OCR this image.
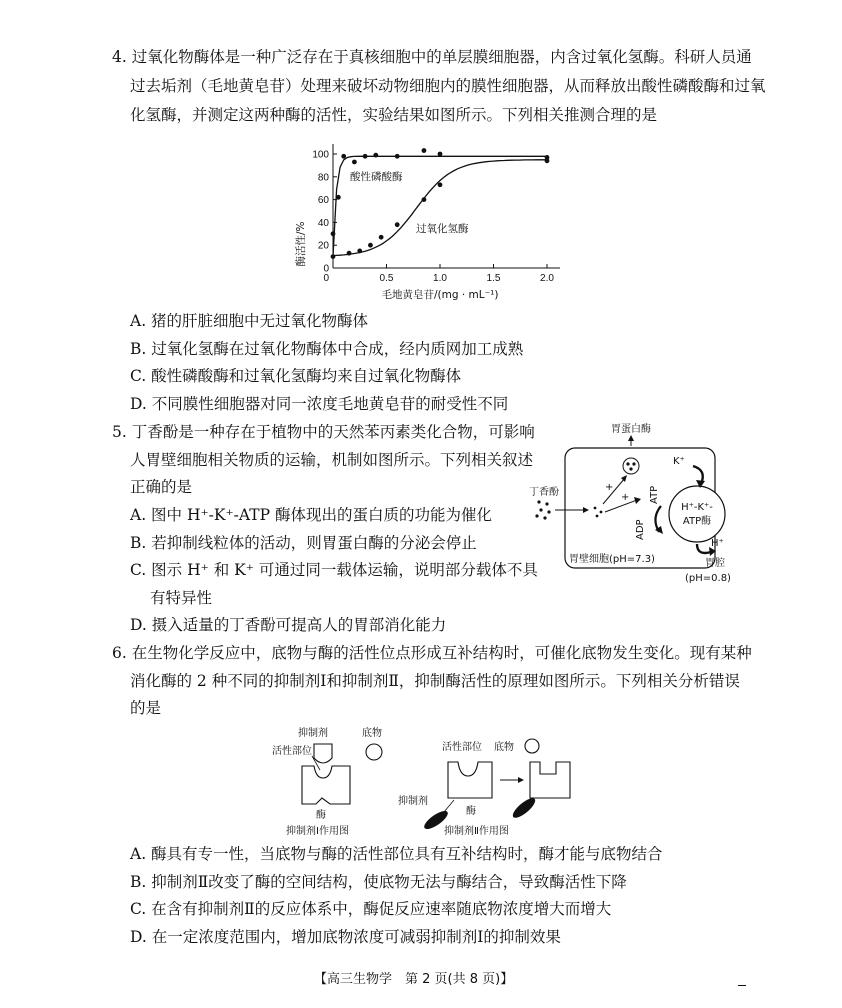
4. 过氧化物酶体是一种广泛存在于真核细胞中的单层膜细胞器，内含过氧化氢酶。科研人员通
过去垢剂（毛地黄皂苷）处理来破坏动物细胞内的膜性细胞器，从而释放出酸性磷酸酶和过氧
化氢酶，并测定这两种酶的活性，实验结果如图所示。下列相关推测合理的是
酶活性/%
0
20
40
60
80
100
0.5	1.0	1.5	2.0
0
酸性磷酸酶
过氧化氢酶
毛地黄皂苷/(mg · mL⁻¹)
A. 猪的肝脏细胞中无过氧化物酶体
B. 过氧化氢酶在过氧化物酶体中合成，经内质网加工成熟
C. 酸性磷酸酶和过氧化氢酶均来自过氧化物酶体
D. 不同膜性细胞器对同一浓度毛地黄皂苷的耐受性不同
5. 丁香酚是一种存在于植物中的天然苯丙素类化合物，可影响
人胃壁细胞相关物质的运输，机制如图所示。下列相关叙述
正确的是
A. 图中 H⁺-K⁺-ATP 酶体现出的蛋白质的功能为催化
B. 若抑制线粒体的活动，则胃蛋白酶的分泌会停止
C. 图示 H⁺ 和 K⁺ 可通过同一载体运输，说明部分载体不具
有特异性
D. 摄入适量的丁香酚可提高人的胃部消化能力
胃蛋白酶
丁香酚	+
+ ATP
ADP
H⁺-K⁺-
ATP酶
K⁺
H⁺
胃壁细胞(pH=7.3)	胃腔
(pH=0.8)
6. 在生物化学反应中，底物与酶的活性位点形成互补结构时，可催化底物发生变化。现有某种
消化酶的 2 种不同的抑制剂Ⅰ和抑制剂Ⅱ，抑制酶活性的原理如图所示。下列相关分析错误
的是
抑制剂	底物
活性部位
酶
抑制剂Ⅰ作用图
活性部位 底物
抑制剂
酶
抑制剂Ⅱ作用图
A. 酶具有专一性，当底物与酶的活性部位具有互补结构时，酶才能与底物结合
B. 抑制剂Ⅱ改变了酶的空间结构，使底物无法与酶结合，导致酶活性下降
C. 在含有抑制剂Ⅱ的反应体系中，酶促反应速率随底物浓度增大而增大
D. 在一定浓度范围内，增加底物浓度可减弱抑制剂Ⅰ的抑制效果
【高三生物学　第 2 页(共 8 页)】
